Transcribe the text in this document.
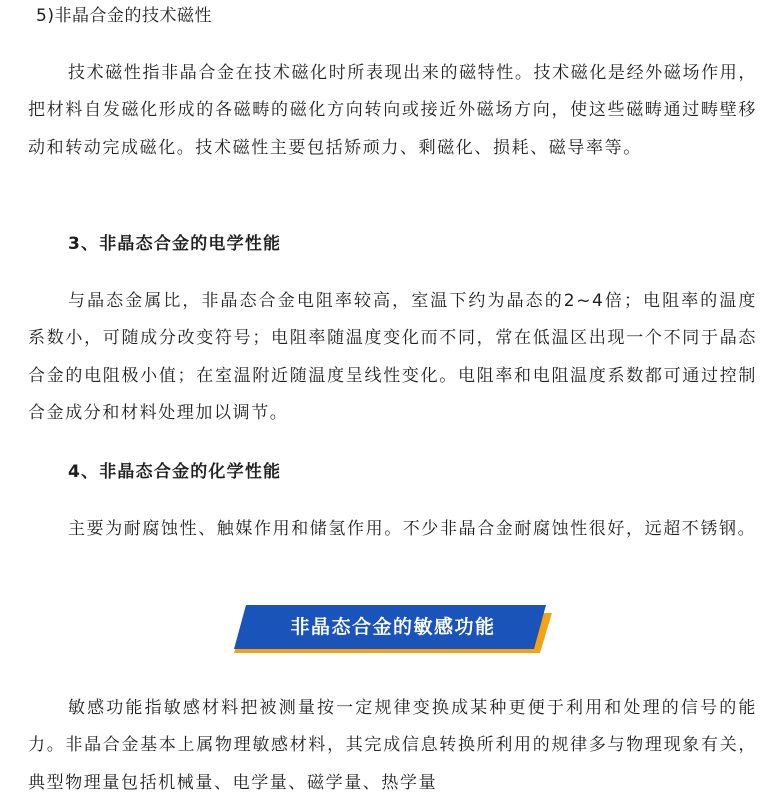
5)非晶合金的技术磁性

技术磁性指非晶合金在技术磁化时所表现出来的磁特性。技术磁化是经外磁场作用，把材料自发磁化形成的各磁畴的磁化方向转向或接近外磁场方向，使这些磁畴通过畴壁移动和转动完成磁化。技术磁性主要包括矫顽力、剩磁化、损耗、磁导率等。

3、非晶态合金的电学性能

与晶态金属比，非晶态合金电阻率较高，室温下约为晶态的2~4倍；电阻率的温度系数小，可随成分改变符号；电阻率随温度变化而不同，常在低温区出现一个不同于晶态合金的电阻极小值；在室温附近随温度呈线性变化。电阻率和电阻温度系数都可通过控制合金成分和材料处理加以调节。

4、非晶态合金的化学性能

主要为耐腐蚀性、触媒作用和储氢作用。不少非晶合金耐腐蚀性很好，远超不锈钢。

非晶态合金的敏感功能

敏感功能指敏感材料把被测量按一定规律变换成某种更便于利用和处理的信号的能力。非晶合金基本上属物理敏感材料，其完成信息转换所利用的规律多与物理现象有关，典型物理量包括机械量、电学量、磁学量、热学量
